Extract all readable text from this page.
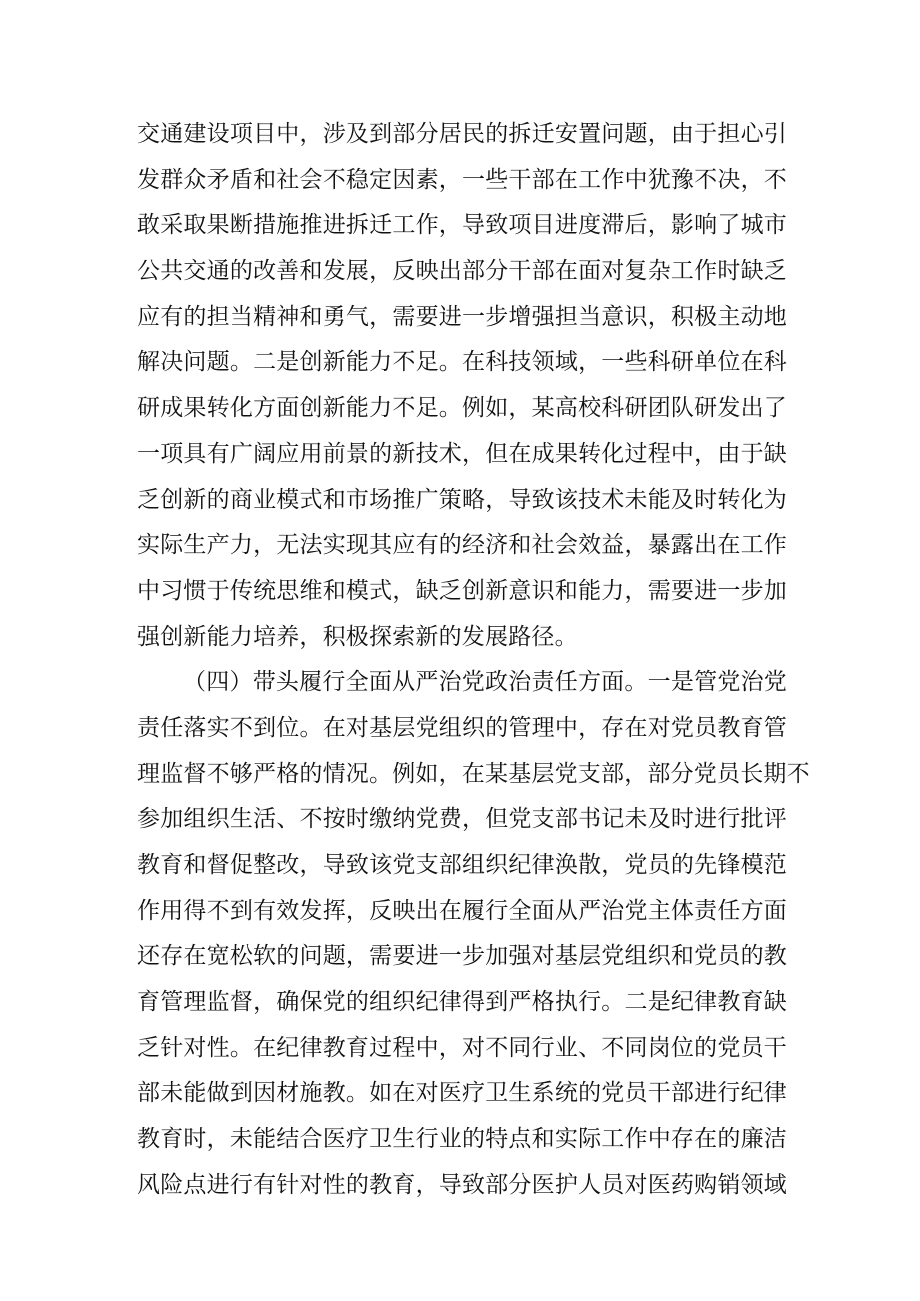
交通建设项目中，涉及到部分居民的拆迁安置问题，由于担心引
发群众矛盾和社会不稳定因素，一些干部在工作中犹豫不决，不
敢采取果断措施推进拆迁工作，导致项目进度滞后，影响了城市
公共交通的改善和发展，反映出部分干部在面对复杂工作时缺乏
应有的担当精神和勇气，需要进一步增强担当意识，积极主动地
解决问题。二是创新能力不足。在科技领域，一些科研单位在科
研成果转化方面创新能力不足。例如，某高校科研团队研发出了
一项具有广阔应用前景的新技术，但在成果转化过程中，由于缺
乏创新的商业模式和市场推广策略，导致该技术未能及时转化为
实际生产力，无法实现其应有的经济和社会效益，暴露出在工作
中习惯于传统思维和模式，缺乏创新意识和能力，需要进一步加
强创新能力培养，积极探索新的发展路径。
（四）带头履行全面从严治党政治责任方面。一是管党治党
责任落实不到位。在对基层党组织的管理中，存在对党员教育管
理监督不够严格的情况。例如，在某基层党支部，部分党员长期不
参加组织生活、不按时缴纳党费，但党支部书记未及时进行批评
教育和督促整改，导致该党支部组织纪律涣散，党员的先锋模范
作用得不到有效发挥，反映出在履行全面从严治党主体责任方面
还存在宽松软的问题，需要进一步加强对基层党组织和党员的教
育管理监督，确保党的组织纪律得到严格执行。二是纪律教育缺
乏针对性。在纪律教育过程中，对不同行业、不同岗位的党员干
部未能做到因材施教。如在对医疗卫生系统的党员干部进行纪律
教育时，未能结合医疗卫生行业的特点和实际工作中存在的廉洁
风险点进行有针对性的教育，导致部分医护人员对医药购销领域
